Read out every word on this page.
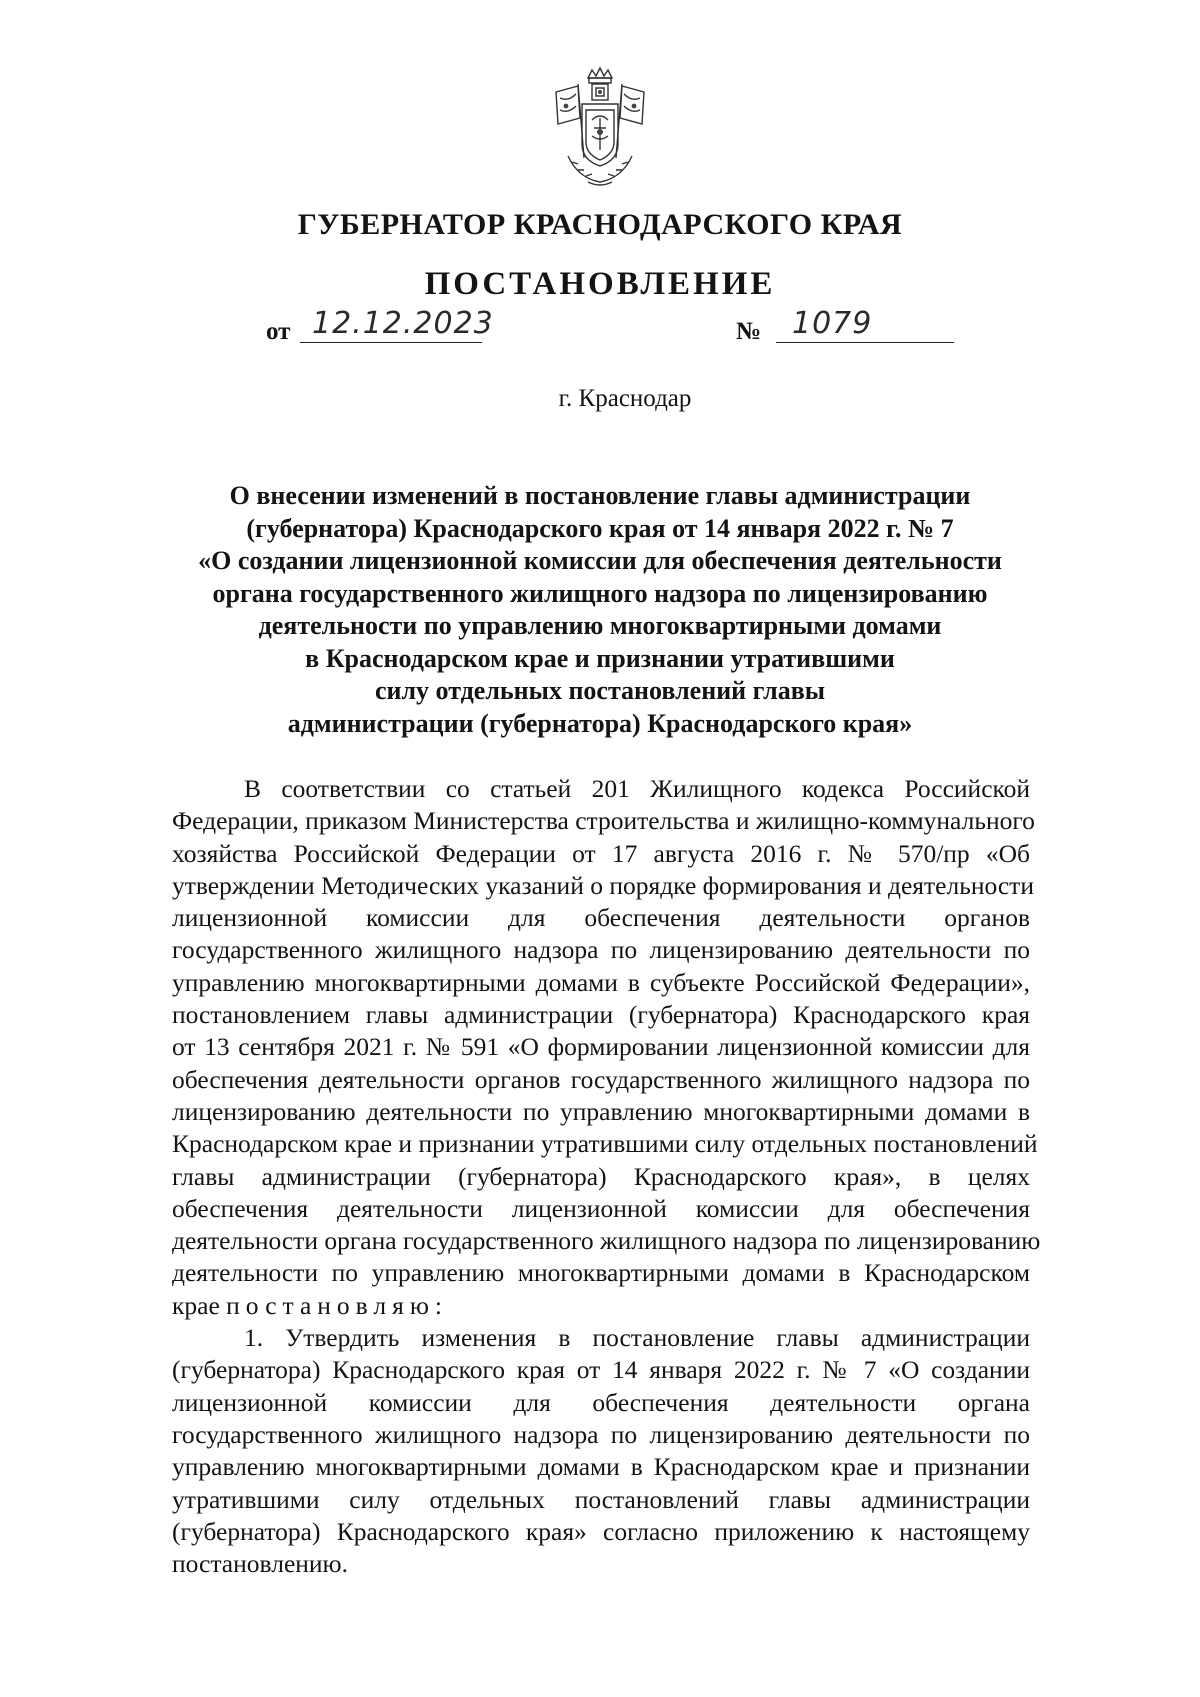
ГУБЕРНАТОР КРАСНОДАРСКОГО КРАЯ
ПОСТАНОВЛЕНИЕ
от 12.12.2023	№ 1079
г. Краснодар
О внесении изменений в постановление главы администрации
(губернатора) Краснодарского края от 14 января 2022 г. № 7
«О создании лицензионной комиссии для обеспечения деятельности
органа государственного жилищного надзора по лицензированию
деятельности по управлению многоквартирными домами
в Краснодарском крае и признании утратившими
силу отдельных постановлений главы
администрации (губернатора) Краснодарского края»
В соответствии со статьей 201 Жилищного кодекса Российской
Федерации, приказом Министерства строительства и жилищно-коммунального
хозяйства Российской Федерации от 17 августа 2016 г. № 570/пр «Об
утверждении Методических указаний о порядке формирования и деятельности
лицензионной комиссии для обеспечения деятельности органов
государственного жилищного надзора по лицензированию деятельности по
управлению многоквартирными домами в субъекте Российской Федерации»,
постановлением главы администрации (губернатора) Краснодарского края
от 13 сентября 2021 г. № 591 «О формировании лицензионной комиссии для
обеспечения деятельности органов государственного жилищного надзора по
лицензированию деятельности по управлению многоквартирными домами в
Краснодарском крае и признании утратившими силу отдельных постановлений
главы администрации (губернатора) Краснодарского края», в целях
обеспечения деятельности лицензионной комиссии для обеспечения
деятельности органа государственного жилищного надзора по лицензированию
деятельности по управлению многоквартирными домами в Краснодарском
крае постановляю:
1. Утвердить изменения в постановление главы администрации
(губернатора) Краснодарского края от 14 января 2022 г. № 7 «О создании
лицензионной комиссии для обеспечения деятельности органа
государственного жилищного надзора по лицензированию деятельности по
управлению многоквартирными домами в Краснодарском крае и признании
утратившими силу отдельных постановлений главы администрации
(губернатора) Краснодарского края» согласно приложению к настоящему
постановлению.
